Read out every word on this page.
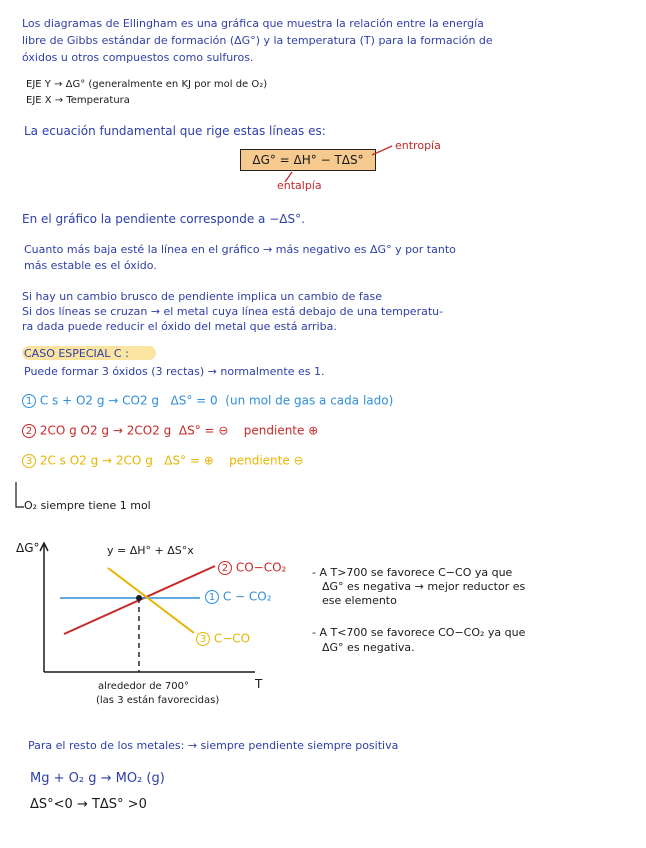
Los diagramas de Ellingham es una gráfica que muestra la relación entre la energía
libre de Gibbs estándar de formación (ΔG°) y la temperatura (T) para la formación de
óxidos u otros compuestos como sulfuros.
EJE Y → ΔG° (generalmente en KJ por mol de O₂)
EJE X → Temperatura
La ecuación fundamental que rige estas líneas es:
ΔG° = ΔH° − TΔS°
entropía
entalpía
En el gráfico la pendiente corresponde a −ΔS°.
Cuanto más baja esté la línea en el gráfico → más negativo es ΔG° y por tanto
más estable es el óxido.
Si hay un cambio brusco de pendiente implica un cambio de fase
Si dos líneas se cruzan → el metal cuya línea está debajo de una temperatu-
ra dada puede reducir el óxido del metal que está arriba.
CASO ESPECIAL C :
Puede formar 3 óxidos (3 rectas) → normalmente es 1.
1 C s + O2 g → CO2 g ΔS° = 0 (un mol de gas a cada lado)
2 2CO g O2 g → 2CO2 g ΔS° = ⊖ pendiente ⊕
3 2C s O2 g → 2CO g ΔS° = ⊕ pendiente ⊖
O₂ siempre tiene 1 mol
ΔG°
T
y = ΔH° + ΔS°x
2 CO−CO₂
1 C − CO₂
3 C−CO
alrededor de 700°
(las 3 están favorecidas)
- A T>700 se favorece C−CO ya que
ΔG° es negativa → mejor reductor es
ese elemento
- A T<700 se favorece CO−CO₂ ya que
ΔG° es negativa.
Para el resto de los metales: → siempre pendiente siempre positiva
Mg + O₂ g → MO₂ (g)
ΔS°<0 → TΔS° >0
